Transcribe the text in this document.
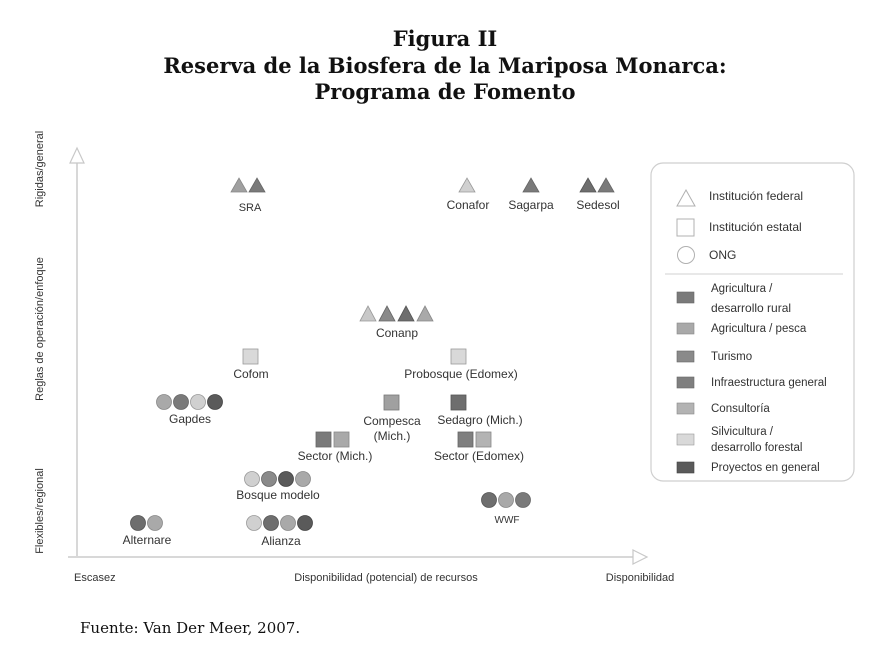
Figura II
Reserva de la Biosfera de la Mariposa Monarca:
Programa de Fomento
Escasez	Disponibilidad (potencial) de recursos	Disponibilidad
Flexibles/regional
Reglas de operación/enfoque
Rigidas/general
SRA	Conafor Sagarpa Sedesol
Conanp
Cofom	Probosque (Edomex)
Gapdes	Compesca
(Mich.)
Sedagro (Mich.)
Sector (Mich.)	Sector (Edomex)
Bosque modelo
WWF
Alternare	Alianza
Institución federal
Institución estatal
ONG
Agricultura /
desarrollo rural
Agricultura / pesca
Turismo
Infraestructura general
Consultoría
Silvicultura /
desarrollo forestal
Proyectos en general
Fuente: Van Der Meer, 2007.
